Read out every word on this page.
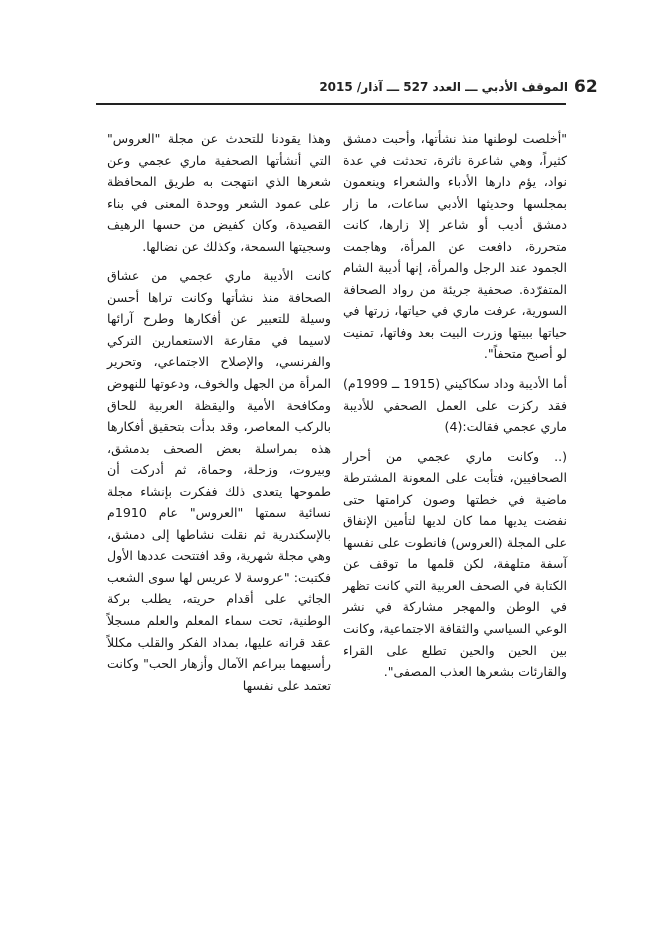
62
الموقف الأدبي ـــ العدد 527 ـــ آذار/ 2015

"أخلصت لوطنها منذ نشأتها، وأحبت دمشق كثيراً، وهي شاعرة ناثرة، تحدثت في عدة نواد، يؤم دارها الأدباء والشعراء وينعمون بمجلسها وحديثها الأدبي ساعات، ما زار دمشق أديب أو شاعر إلا زارها، كانت متحررة، دافعت عن المرأة، وهاجمت الجمود عند الرجل والمرأة، إنها أديبة الشام المتفرّدة. صحفية جريئة من رواد الصحافة السورية، عرفت ماري في حياتها، زرتها في حياتها ببيتها وزرت البيت بعد وفاتها، تمنيت لو أصبح متحفاً".

أما الأديبة وداد سكاكيني (1915 ــ 1999م) فقد ركزت على العمل الصحفي للأديبة ماري عجمي فقالت:(4)

(.. وكانت ماري عجمي من أحرار الصحافيين، فتأبت على المعونة المشترطة ماضية في خطتها وصون كرامتها حتى نفضت يديها مما كان لديها لتأمين الإنفاق على المجلة (العروس) فانطوت على نفسها آسفة متلهفة، لكن قلمها ما توقف عن الكتابة في الصحف العربية التي كانت تظهر في الوطن والمهجر مشاركة في نشر الوعي السياسي والثقافة الاجتماعية، وكانت بين الحين والحين تطلع على القراء والقارئات بشعرها العذب المصفى".

وهذا يقودنا للتحدث عن مجلة "العروس" التي أنشأتها الصحفية ماري عجمي وعن شعرها الذي انتهجت به طريق المحافظة على عمود الشعر ووحدة المعنى في بناء القصيدة، وكان كفيض من حسها الرهيف وسجيتها السمحة، وكذلك عن نضالها.

كانت الأديبة ماري عجمي من عشاق الصحافة منذ نشأتها وكانت تراها أحسن وسيلة للتعبير عن أفكارها وطرح آرائها لاسيما في مقارعة الاستعمارين التركي والفرنسي، والإصلاح الاجتماعي، وتحرير المرأة من الجهل والخوف، ودعوتها للنهوض ومكافحة الأمية واليقظة العربية للحاق بالركب المعاصر، وقد بدأت بتحقيق أفكارها هذه بمراسلة بعض الصحف بدمشق، وبيروت، وزحلة، وحماة، ثم أدركت أن طموحها يتعدى ذلك ففكرت بإنشاء مجلة نسائية سمتها "العروس" عام 1910م بالإسكندرية ثم نقلت نشاطها إلى دمشق، وهي مجلة شهرية، وقد افتتحت عددها الأول فكتبت: "عروسة لا عريس لها سوى الشعب الجاثي على أقدام حريته، يطلب بركة الوطنية، تحت سماء المعلم والعلم مسجلاً عقد قرانه عليها، بمداد الفكر والقلب مكللاً رأسيهما ببراعم الآمال وأزهار الحب" وكانت تعتمد على نفسها
